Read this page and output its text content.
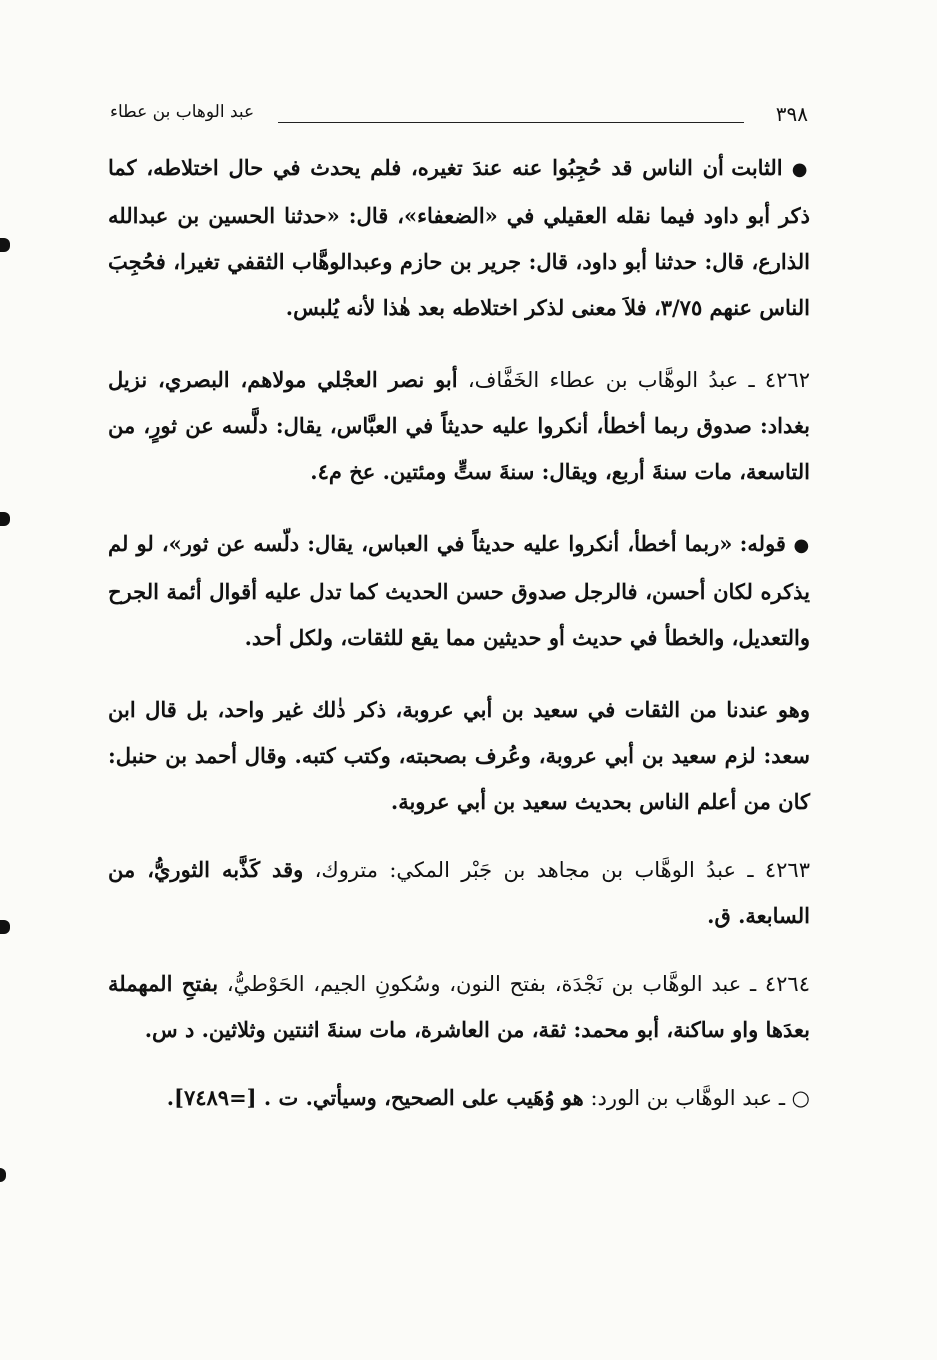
٣٩٨
عبد الوهاب بن عطاء

● الثابت أن الناس قد حُجِبُوا عنه عندَ تغيره، فلم يحدث في حال اختلاطه، كما ذكر أبو داود فيما نقله العقيلي في «الضعفاء»، قال: «حدثنا الحسين بن عبدالله الذارع، قال: حدثنا أبو داود، قال: جرير بن حازم وعبدالوهَّاب الثقفي تغيرا، فحُجِبَ الناس عنهم ٣/٧٥، فلاَ معنى لذكر اختلاطه بعد هٰذا لأنه يُلبس.

٤٢٦٢ ـ عبدُ الوهَّاب بن عطاء الخَفَّاف، أبو نصر العجْلي مولاهم، البصري، نزيل بغداد: صدوق ربما أخطأ، أنكروا عليه حديثاً في العبَّاس، يقال: دلَّسه عن ثورٍ، من التاسعة، مات سنةَ أربع، ويقال: سنةَ ستٍّ ومئتين. عخ م٤.

● قوله: «ربما أخطأ، أنكروا عليه حديثاً في العباس، يقال: دلّسه عن ثور»، لو لم يذكره لكان أحسن، فالرجل صدوق حسن الحديث كما تدل عليه أقوال أئمة الجرح والتعديل، والخطأ في حديث أو حديثين مما يقع للثقات، ولكل أحد.

وهو عندنا من الثقات في سعيد بن أبي عروبة، ذكر ذٰلك غير واحد، بل قال ابن سعد: لزم سعيد بن أبي عروبة، وعُرف بصحبته، وكتب كتبه. وقال أحمد بن حنبل: كان من أعلم الناس بحديث سعيد بن أبي عروبة.

٤٢٦٣ ـ عبدُ الوهَّاب بن مجاهد بن جَبْر المكي: متروك، وقد كَذَّبه الثوريُّ، من السابعة. ق.

٤٢٦٤ ـ عبد الوهَّاب بن نَجْدَة، بفتح النون، وسُكونِ الجيم، الحَوْطيُّ، بفتحِ المهملة بعدَها واو ساكنة، أبو محمد: ثقة، من العاشرة، مات سنةَ اثنتين وثلاثين. د س.

○ ـ عبد الوهَّاب بن الورد: هو وُهَيب على الصحيح، وسيأتي. ت . [=٧٤٨٩].
